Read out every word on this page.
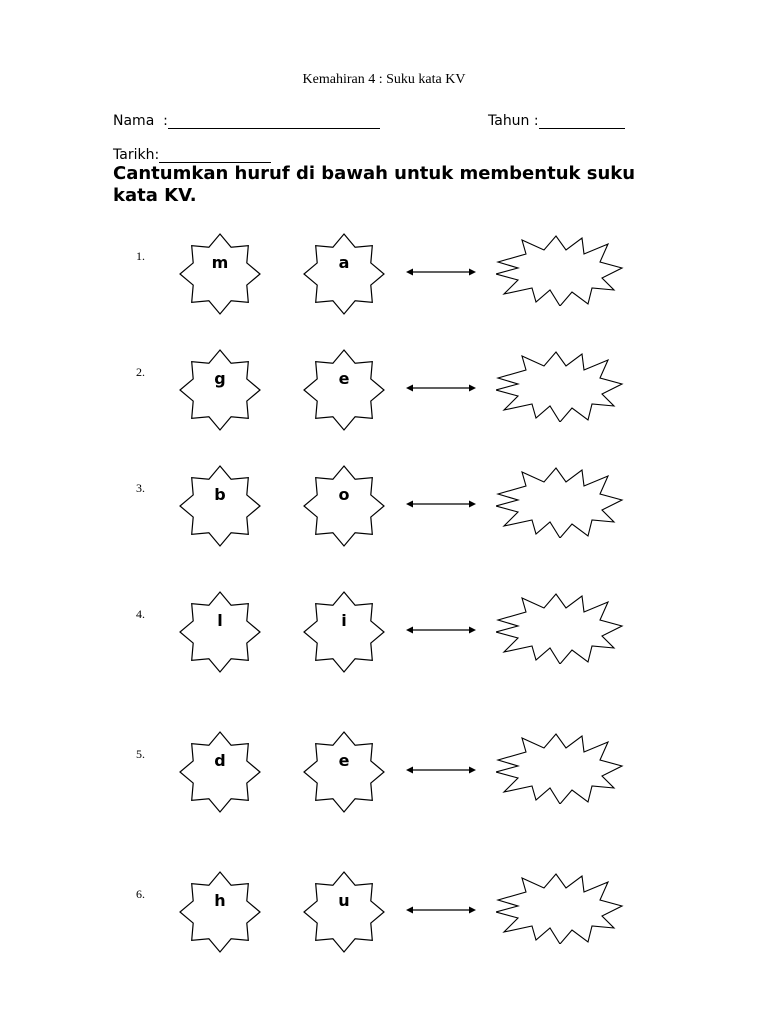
Kemahiran 4 : Suku kata KV
Nama  :	Tahun :
Tarikh:
Cantumkan huruf di bawah untuk membentuk suku kata KV.
1.	m	a
2.	g	e
3.	b	o
4.	l	i
5.	d	e
6.	h	u
